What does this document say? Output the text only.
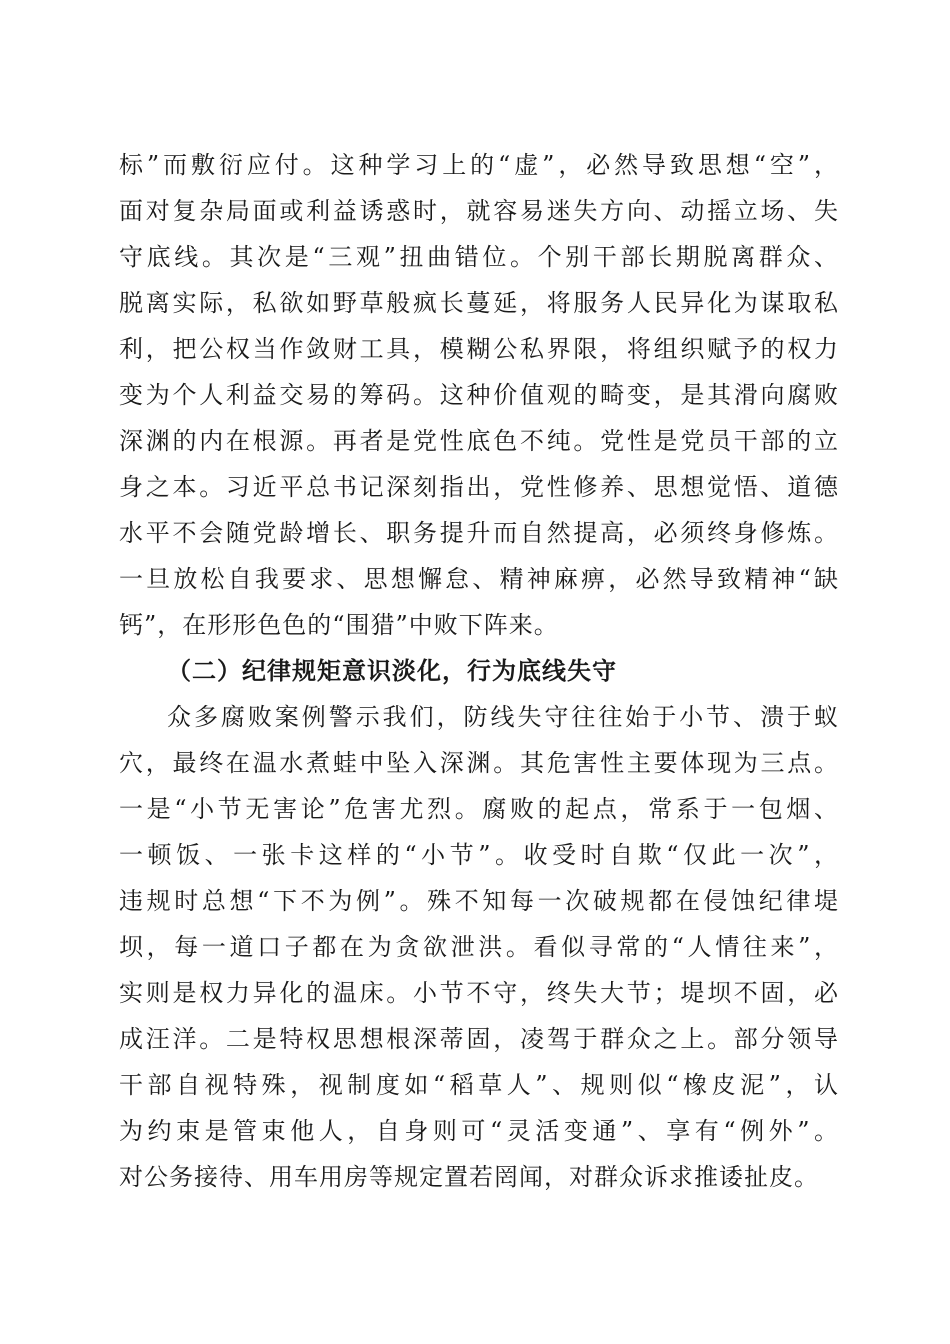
标”而敷衍应付。这种学习上的“虚”，必然导致思想“空”，
面对复杂局面或利益诱惑时，就容易迷失方向、动摇立场、失
守底线。其次是“三观”扭曲错位。个别干部长期脱离群众、
脱离实际，私欲如野草般疯长蔓延，将服务人民异化为谋取私
利，把公权当作敛财工具，模糊公私界限，将组织赋予的权力
变为个人利益交易的筹码。这种价值观的畸变，是其滑向腐败
深渊的内在根源。再者是党性底色不纯。党性是党员干部的立
身之本。习近平总书记深刻指出，党性修养、思想觉悟、道德
水平不会随党龄增长、职务提升而自然提高，必须终身修炼。
一旦放松自我要求、思想懈怠、精神麻痹，必然导致精神“缺
钙”，在形形色色的“围猎”中败下阵来。
（二）纪律规矩意识淡化，行为底线失守
众多腐败案例警示我们，防线失守往往始于小节、溃于蚁
穴，最终在温水煮蛙中坠入深渊。其危害性主要体现为三点。
一是“小节无害论”危害尤烈。腐败的起点，常系于一包烟、
一顿饭、一张卡这样的“小节”。收受时自欺“仅此一次”，
违规时总想“下不为例”。殊不知每一次破规都在侵蚀纪律堤
坝，每一道口子都在为贪欲泄洪。看似寻常的“人情往来”，
实则是权力异化的温床。小节不守，终失大节；堤坝不固，必
成汪洋。二是特权思想根深蒂固，凌驾于群众之上。部分领导
干部自视特殊，视制度如“稻草人”、规则似“橡皮泥”，认
为约束是管束他人，自身则可“灵活变通”、享有“例外”。
对公务接待、用车用房等规定置若罔闻，对群众诉求推诿扯皮。
